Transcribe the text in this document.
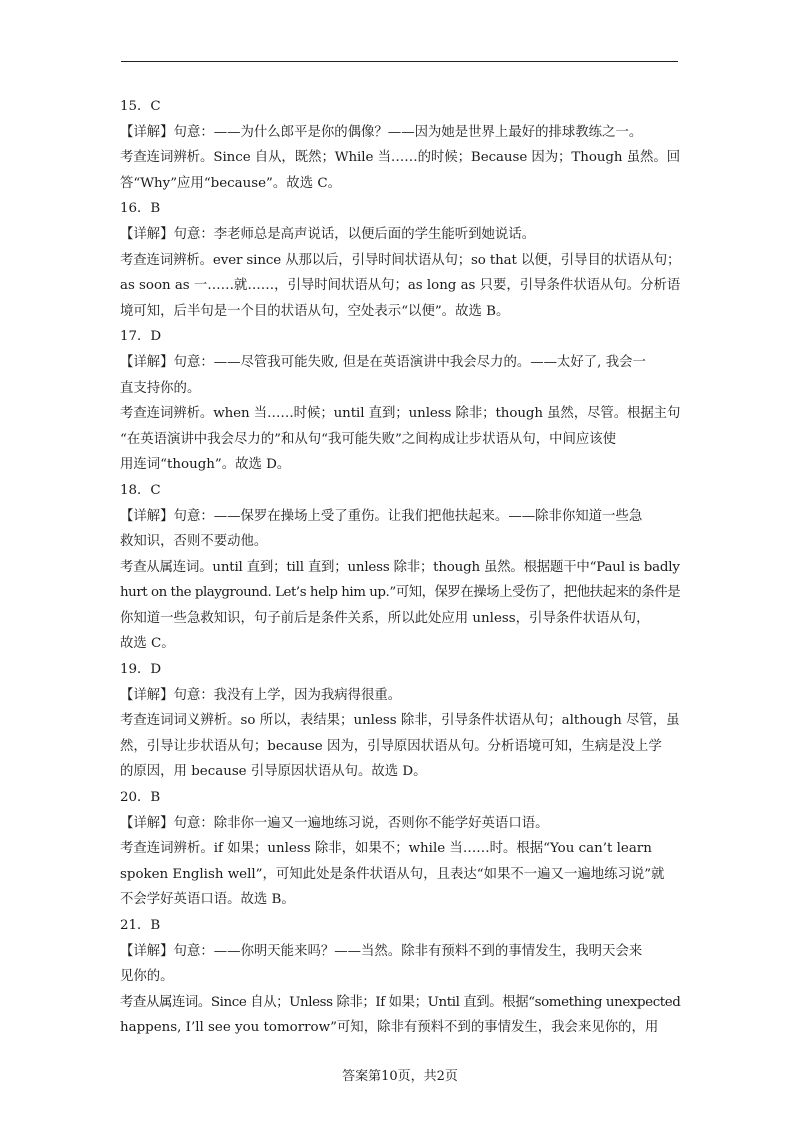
15．C
【详解】句意：——为什么郎平是你的偶像？——因为她是世界上最好的排球教练之一。
考查连词辨析。Since 自从，既然；While 当……的时候；Because 因为；Though 虽然。回
答“Why”应用“because”。故选 C。
16．B
【详解】句意：李老师总是高声说话，以便后面的学生能听到她说话。
考查连词辨析。ever since 从那以后，引导时间状语从句；so that 以便，引导目的状语从句；
as soon as 一……就……，引导时间状语从句；as long as 只要，引导条件状语从句。分析语
境可知，后半句是一个目的状语从句，空处表示“以便”。故选 B。
17．D
【详解】句意：——尽管我可能失败, 但是在英语演讲中我会尽力的。——太好了, 我会一
直支持你的。
考查连词辨析。when 当……时候；until 直到；unless 除非；though 虽然，尽管。根据主句
“在英语演讲中我会尽力的”和从句“我可能失败”之间构成让步状语从句，中间应该使
用连词“though”。故选 D。
18．C
【详解】句意：——保罗在操场上受了重伤。让我们把他扶起来。——除非你知道一些急
救知识，否则不要动他。
考查从属连词。until 直到；till 直到；unless 除非；though 虽然。根据题干中“Paul is badly
hurt on the playground. Let’s help him up.”可知，保罗在操场上受伤了，把他扶起来的条件是
你知道一些急救知识，句子前后是条件关系，所以此处应用 unless，引导条件状语从句，
故选 C。
19．D
【详解】句意：我没有上学，因为我病得很重。
考查连词词义辨析。so 所以，表结果；unless 除非，引导条件状语从句；although 尽管，虽
然，引导让步状语从句；because 因为，引导原因状语从句。分析语境可知，生病是没上学
的原因，用 because 引导原因状语从句。故选 D。
20．B
【详解】句意：除非你一遍又一遍地练习说，否则你不能学好英语口语。
考查连词辨析。if 如果；unless 除非，如果不；while 当……时。根据“You can’t learn
spoken English well”，可知此处是条件状语从句，且表达“如果不一遍又一遍地练习说”就
不会学好英语口语。故选 B。
21．B
【详解】句意：——你明天能来吗？——当然。除非有预料不到的事情发生，我明天会来
见你的。
考查从属连词。Since 自从；Unless 除非；If 如果；Until 直到。根据“something unexpected
happens, I’ll see you tomorrow”可知，除非有预料不到的事情发生，我会来见你的，用
答案第10页，共2页
